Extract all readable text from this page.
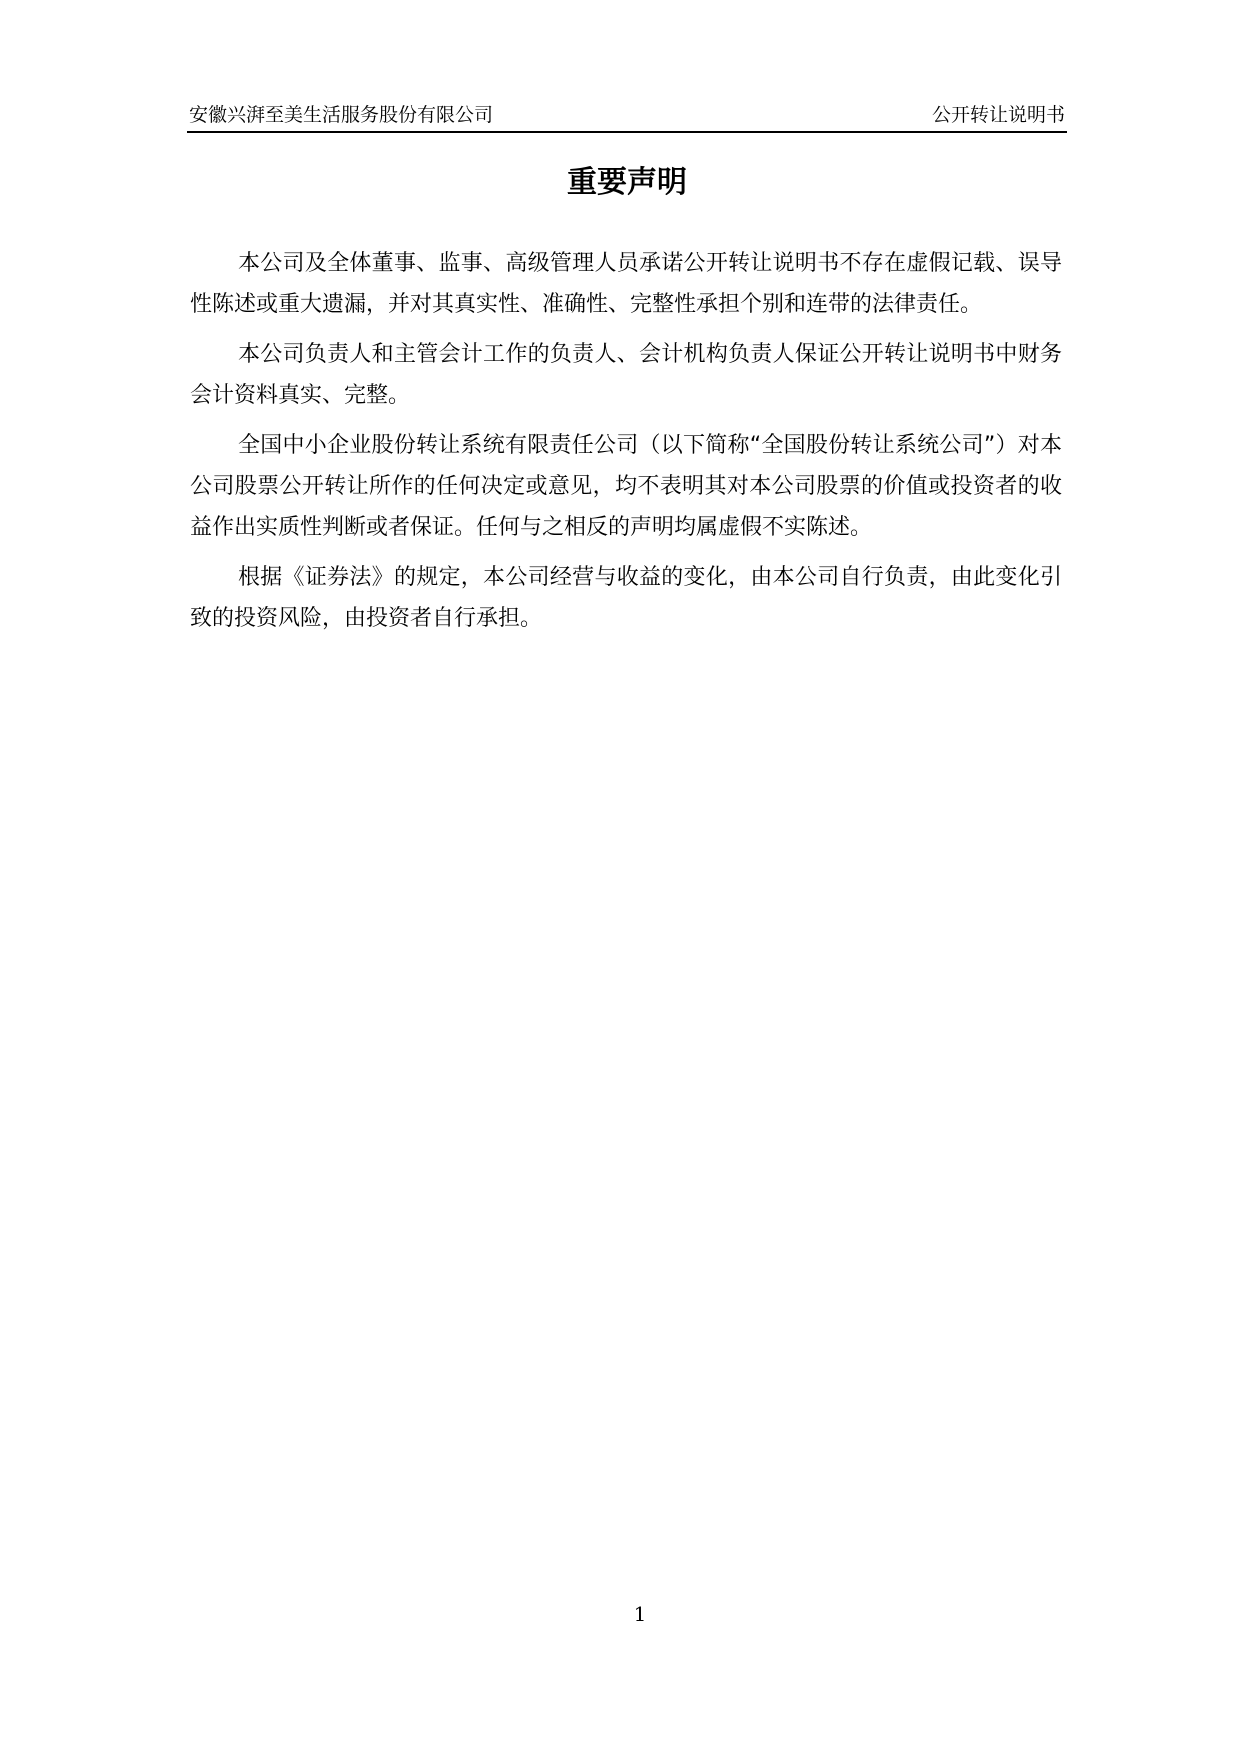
安徽兴湃至美生活服务股份有限公司	公开转让说明书
重要声明

本公司及全体董事、监事、高级管理人员承诺公开转让说明书不存在虚假记载、误导性陈述或重大遗漏，并对其真实性、准确性、完整性承担个别和连带的法律责任。

本公司负责人和主管会计工作的负责人、会计机构负责人保证公开转让说明书中财务会计资料真实、完整。

全国中小企业股份转让系统有限责任公司（以下简称“全国股份转让系统公司”）对本公司股票公开转让所作的任何决定或意见，均不表明其对本公司股票的价值或投资者的收益作出实质性判断或者保证。任何与之相反的声明均属虚假不实陈述。

根据《证券法》的规定，本公司经营与收益的变化，由本公司自行负责，由此变化引致的投资风险，由投资者自行承担。

1
